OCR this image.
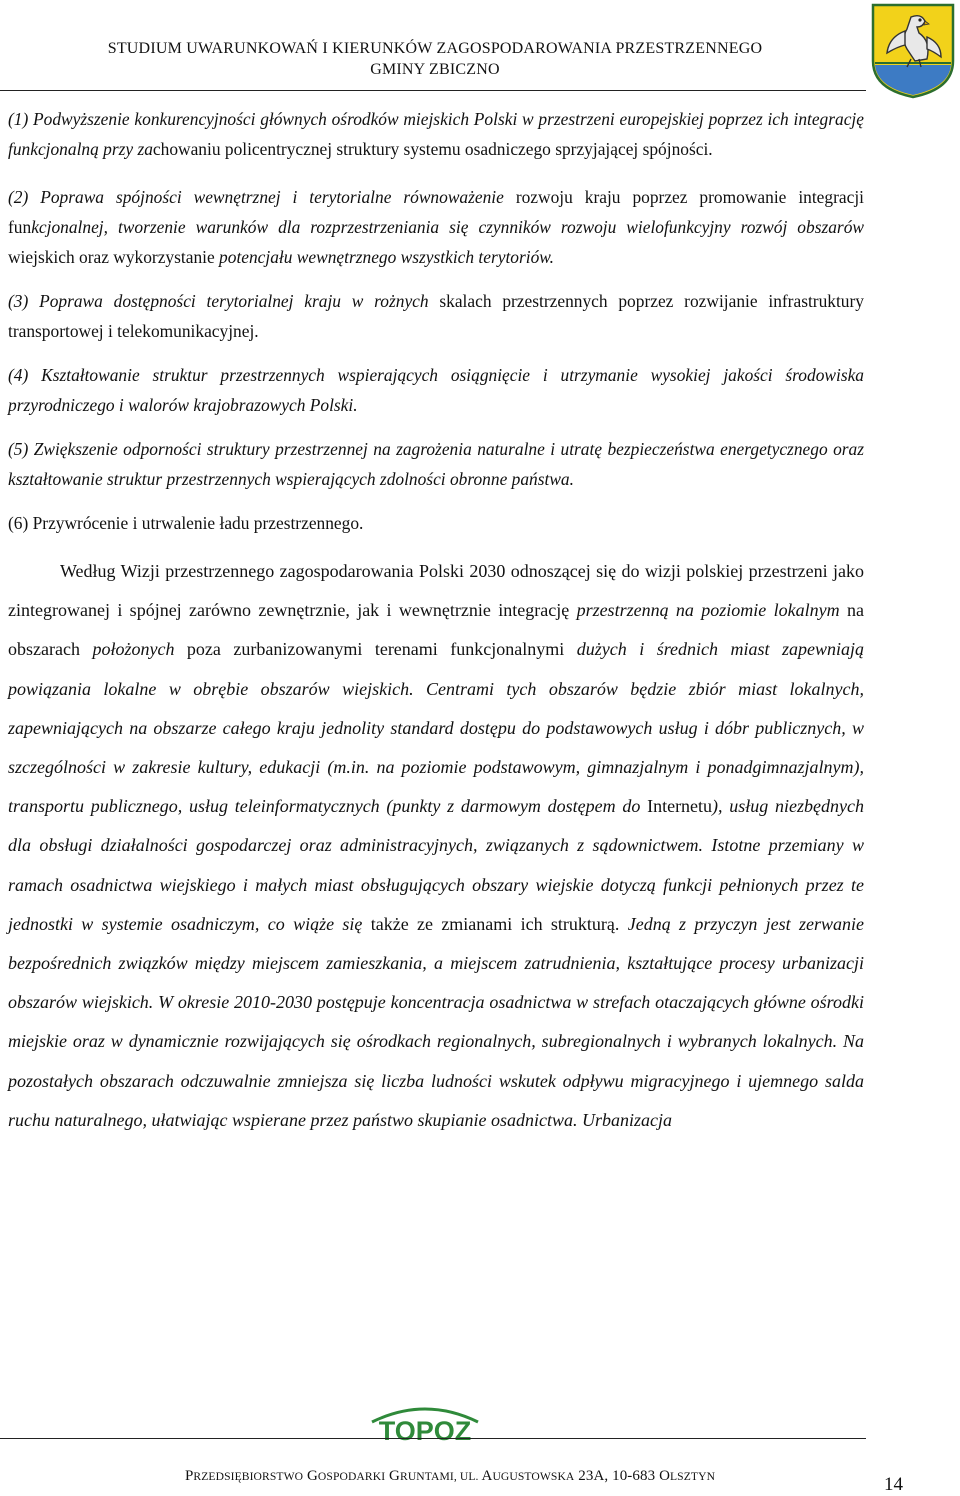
STUDIUM UWARUNKOWAŃ I KIERUNKÓW ZAGOSPODAROWANIA PRZESTRZENNEGO
GMINY ZBICZNO

(1) Podwyższenie konkurencyjności głównych ośrodków miejskich Polski w przestrzeni europejskiej poprzez ich integrację funkcjonalną przy zachowaniu policentrycznej struktury systemu osadniczego sprzyjającej spójności.

(2) Poprawa spójności wewnętrznej i terytorialne równoważenie rozwoju kraju poprzez promowanie integracji funkcjonalnej, tworzenie warunków dla rozprzestrzeniania się czynników rozwoju wielofunkcyjny rozwój obszarów wiejskich oraz wykorzystanie potencjału wewnętrznego wszystkich terytoriów.

(3) Poprawa dostępności terytorialnej kraju w rożnych skalach przestrzennych poprzez rozwijanie infrastruktury transportowej i telekomunikacyjnej.

(4) Kształtowanie struktur przestrzennych wspierających osiągnięcie i utrzymanie wysokiej jakości środowiska przyrodniczego i walorów krajobrazowych Polski.

(5) Zwiększenie odporności struktury przestrzennej na zagrożenia naturalne i utratę bezpieczeństwa energetycznego oraz kształtowanie struktur przestrzennych wspierających zdolności obronne państwa.

(6) Przywrócenie i utrwalenie ładu przestrzennego.

Według Wizji przestrzennego zagospodarowania Polski 2030 odnoszącej się do wizji polskiej przestrzeni jako zintegrowanej i spójnej zarówno zewnętrznie, jak i wewnętrznie integrację przestrzenną na poziomie lokalnym na obszarach położonych poza zurbanizowanymi terenami funkcjonalnymi dużych i średnich miast zapewniają powiązania lokalne w obrębie obszarów wiejskich. Centrami tych obszarów będzie zbiór miast lokalnych, zapewniających na obszarze całego kraju jednolity standard dostępu do podstawowych usług i dóbr publicznych, w szczególności w zakresie kultury, edukacji (m.in. na poziomie podstawowym, gimnazjalnym i ponadgimnazjalnym), transportu publicznego, usług teleinformatycznych (punkty z darmowym dostępem do Internetu), usług niezbędnych dla obsługi działalności gospodarczej oraz administracyjnych, związanych z sądownictwem. Istotne przemiany w ramach osadnictwa wiejskiego i małych miast obsługujących obszary wiejskie dotyczą funkcji pełnionych przez te jednostki w systemie osadniczym, co wiąże się także ze zmianami ich strukturą. Jedną z przyczyn jest zerwanie bezpośrednich związków między miejscem zamieszkania, a miejscem zatrudnienia, kształtujące procesy urbanizacji obszarów wiejskich. W okresie 2010-2030 postępuje koncentracja osadnictwa w strefach otaczających główne ośrodki miejskie oraz w dynamicznie rozwijających się ośrodkach regionalnych, subregionalnych i wybranych lokalnych. Na pozostałych obszarach odczuwalnie zmniejsza się liczba ludności wskutek odpływu migracyjnego i ujemnego salda ruchu naturalnego, ułatwiając wspierane przez państwo skupianie osadnictwa. Urbanizacja

TOPOZ
PRZEDSIĘBIORSTWO GOSPODARKI GRUNTAMI, UL. AUGUSTOWSKA 23A, 10-683 OLSZTYN	14
